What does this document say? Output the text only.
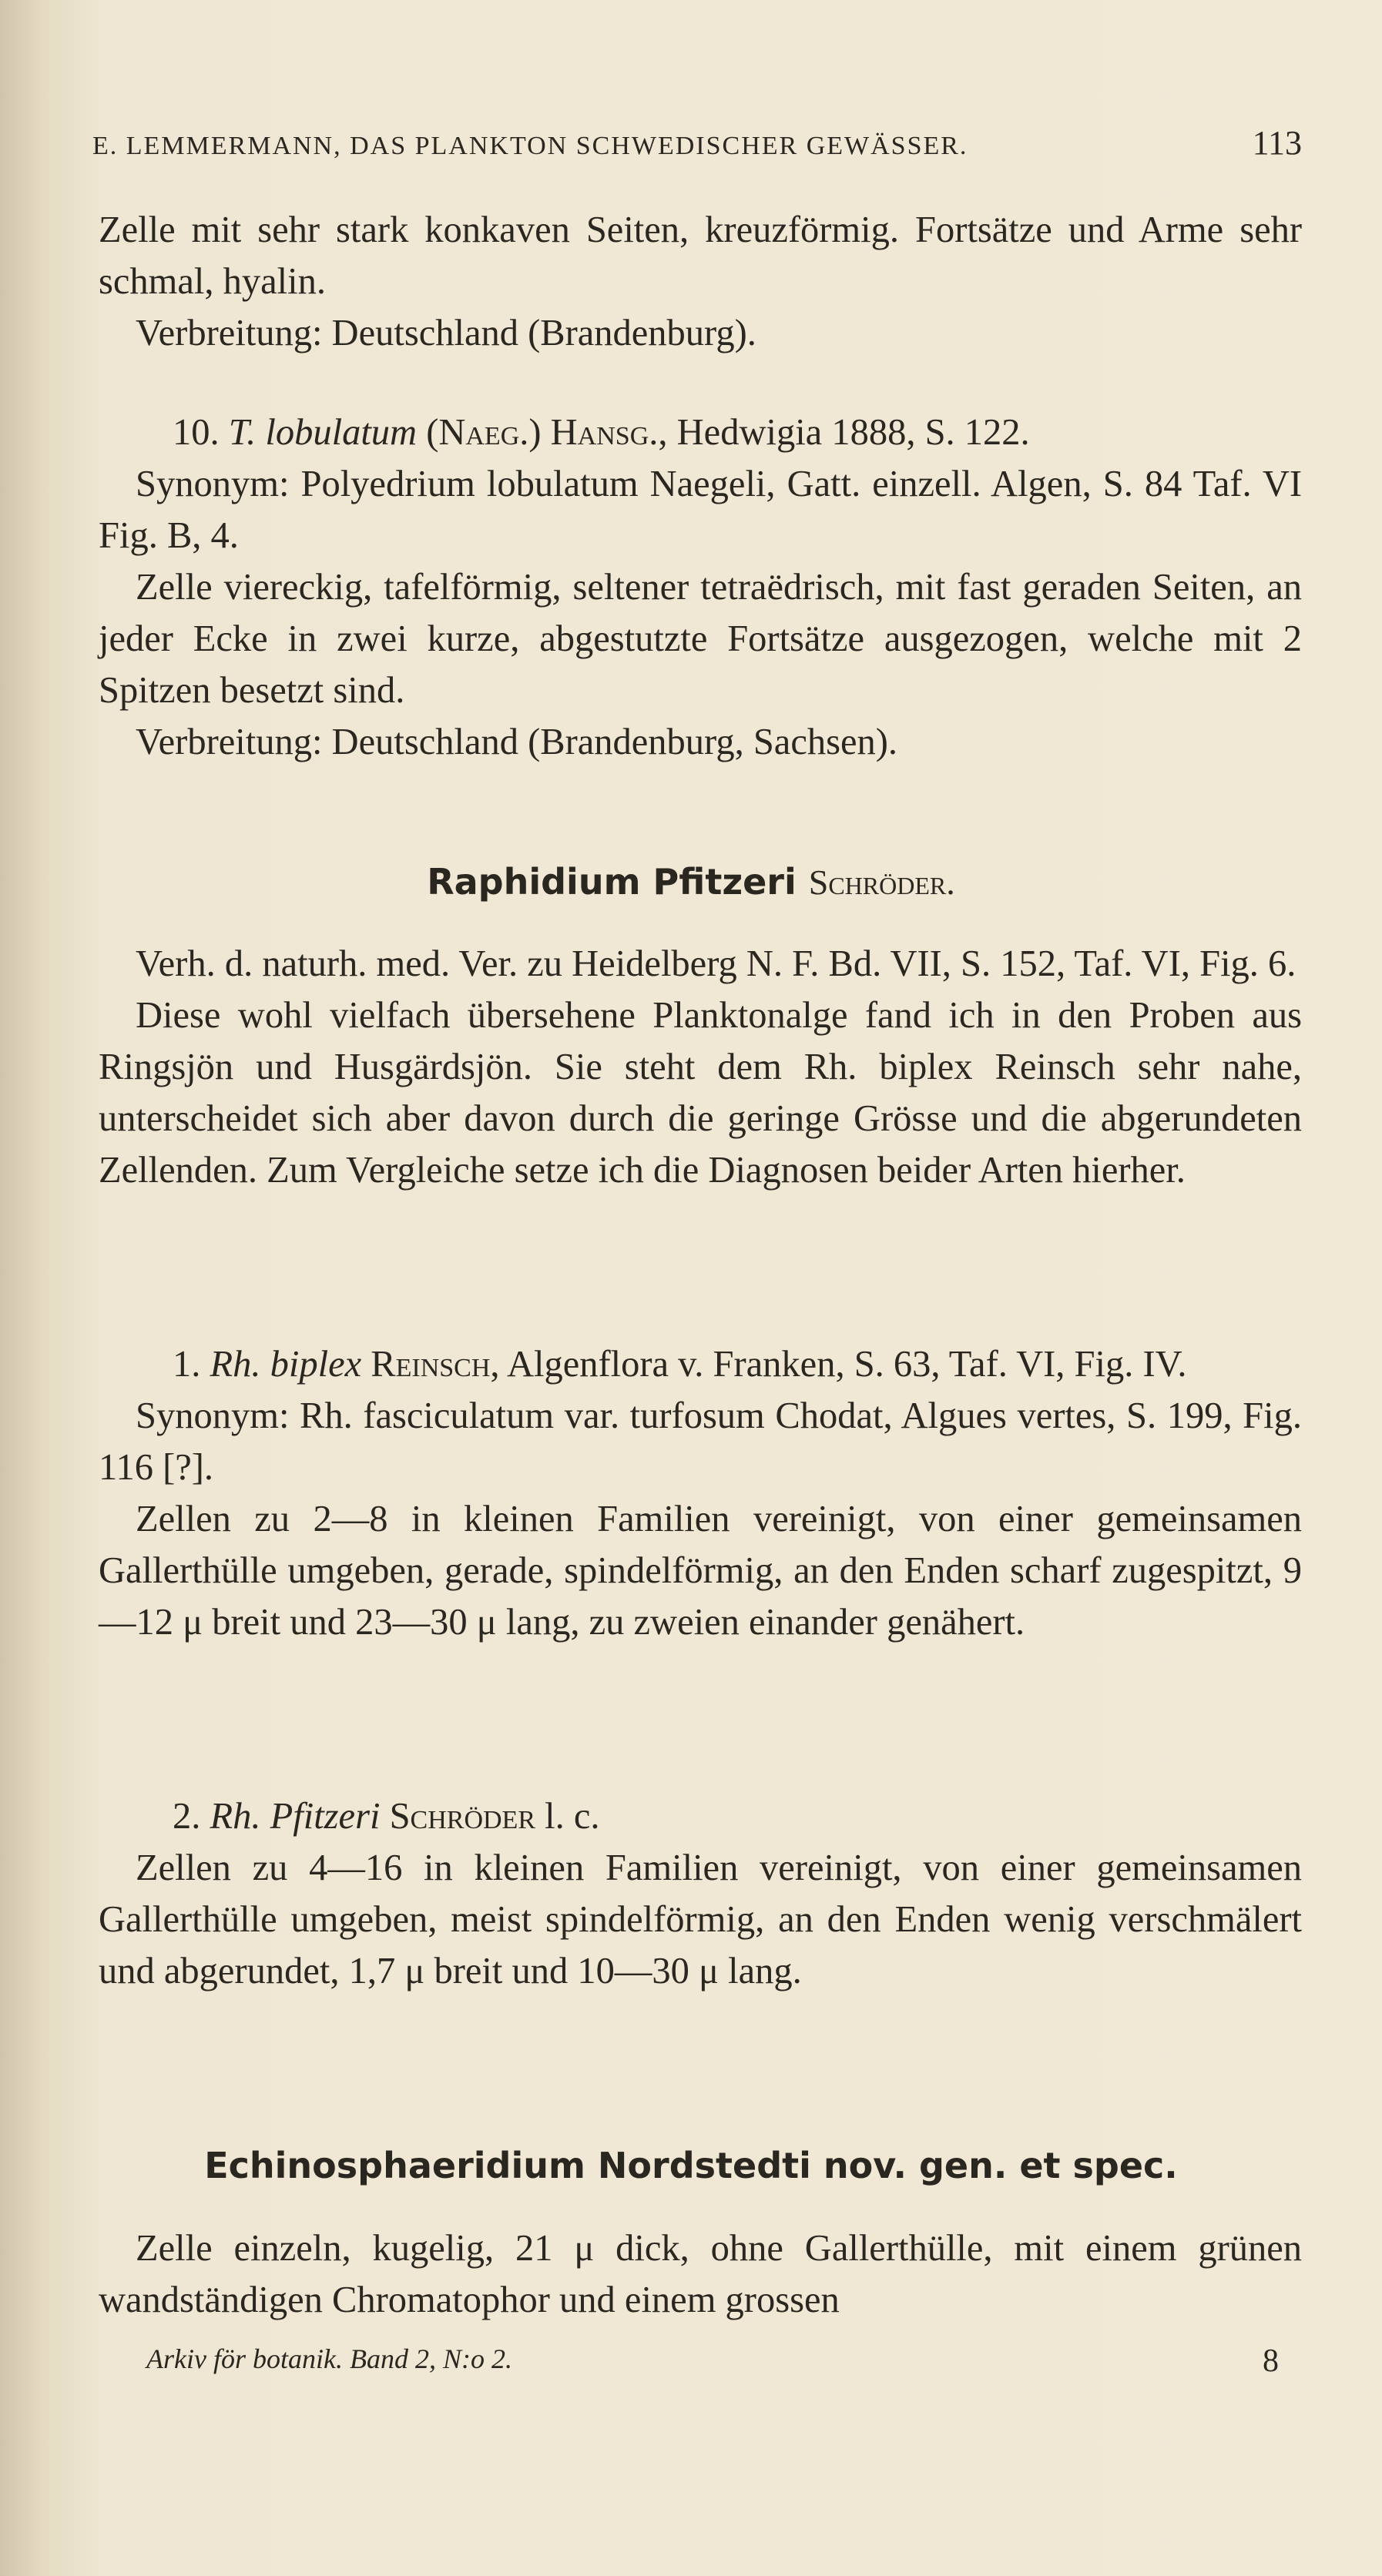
E. LEMMERMANN, DAS PLANKTON SCHWEDISCHER GEWÄSSER.	113

Zelle mit sehr stark konkaven Seiten, kreuzförmig. Fortsätze und Arme sehr schmal, hyalin.

Verbreitung: Deutschland (Brandenburg).

10. T. lobulatum (Naeg.) Hansg., Hedwigia 1888, S. 122.

Synonym: Polyedrium lobulatum Naegeli, Gatt. einzell. Algen, S. 84 Taf. VI Fig. B, 4.

Zelle viereckig, tafelförmig, seltener tetraëdrisch, mit fast geraden Seiten, an jeder Ecke in zwei kurze, abgestutzte Fortsätze ausgezogen, welche mit 2 Spitzen besetzt sind.

Verbreitung: Deutschland (Brandenburg, Sachsen).

Raphidium Pfitzeri Schröder.

Verh. d. naturh. med. Ver. zu Heidelberg N. F. Bd. VII, S. 152, Taf. VI, Fig. 6.

Diese wohl vielfach übersehene Planktonalge fand ich in den Proben aus Ringsjön und Husgärdsjön. Sie steht dem Rh. biplex Reinsch sehr nahe, unterscheidet sich aber davon durch die geringe Grösse und die abgerundeten Zellenden. Zum Vergleiche setze ich die Diagnosen beider Arten hierher.

1. Rh. biplex Reinsch, Algenflora v. Franken, S. 63, Taf. VI, Fig. IV.

Synonym: Rh. fasciculatum var. turfosum Chodat, Algues vertes, S. 199, Fig. 116 [?].

Zellen zu 2—8 in kleinen Familien vereinigt, von einer gemeinsamen Gallerthülle umgeben, gerade, spindelförmig, an den Enden scharf zugespitzt, 9—12 μ breit und 23—30 μ lang, zu zweien einander genähert.

2. Rh. Pfitzeri Schröder l. c.

Zellen zu 4—16 in kleinen Familien vereinigt, von einer gemeinsamen Gallerthülle umgeben, meist spindelförmig, an den Enden wenig verschmälert und abgerundet, 1,7 μ breit und 10—30 μ lang.

Echinosphaeridium Nordstedti nov. gen. et spec.

Zelle einzeln, kugelig, 21 μ dick, ohne Gallerthülle, mit einem grünen wandständigen Chromatophor und einem grossen

Arkiv för botanik. Band 2, N:o 2.	8
